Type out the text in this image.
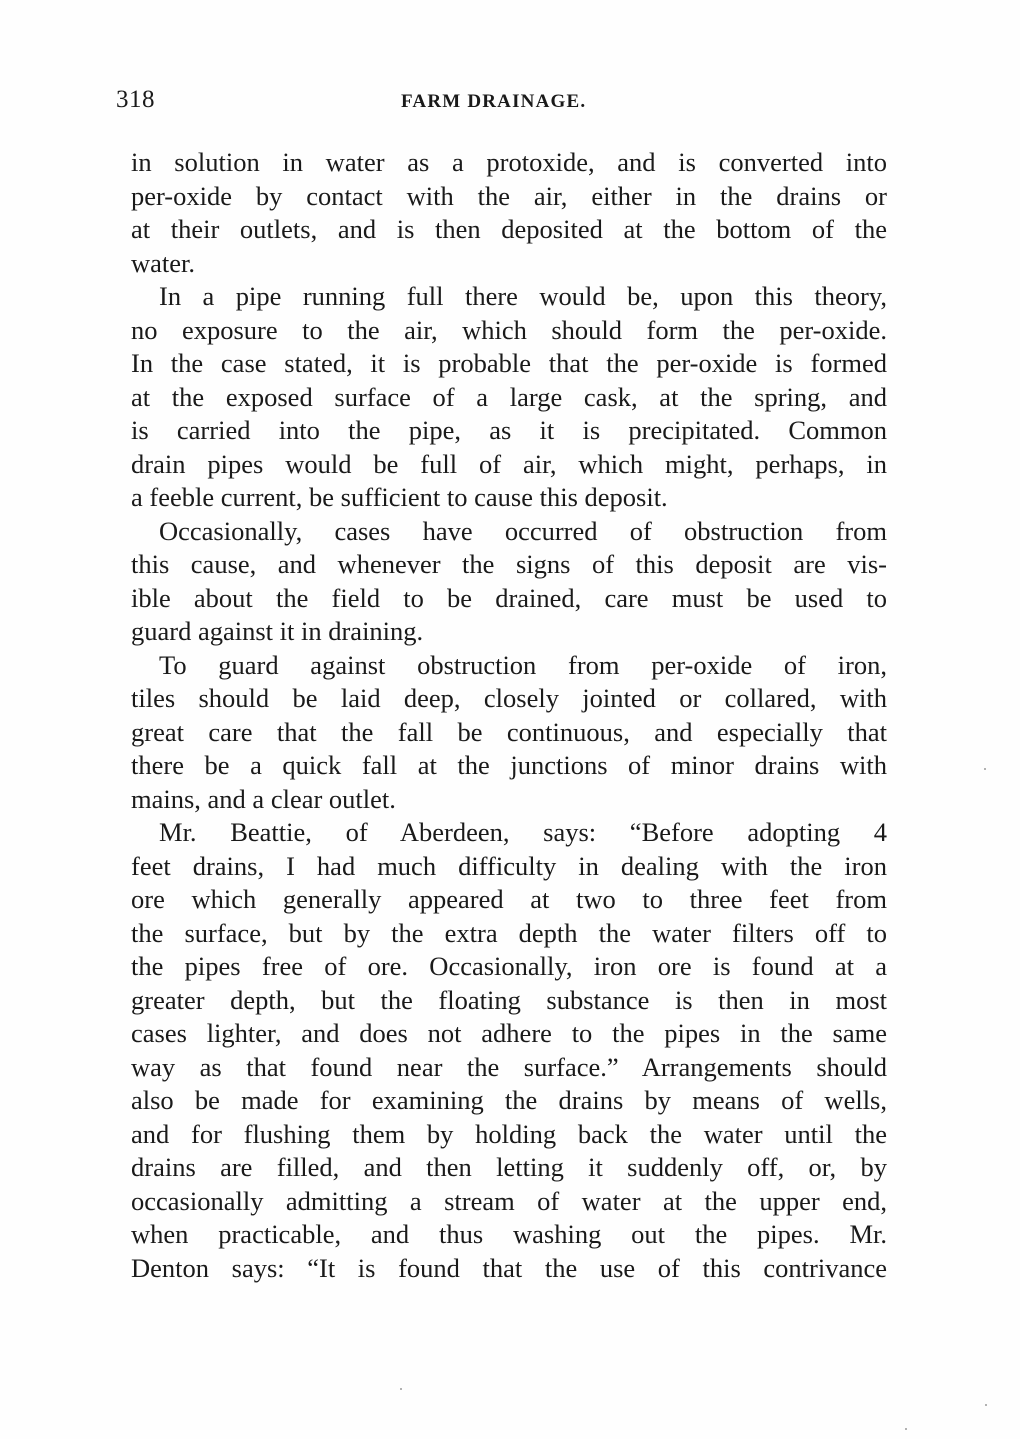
318	FARM DRAINAGE.
in solution in water as a protoxide, and is converted into
per-oxide by contact with the air, either in the drains or
at their outlets, and is then deposited at the bottom of the
water.
In a pipe running full there would be, upon this theory,
no exposure to the air, which should form the per-oxide.
In the case stated, it is probable that the per-oxide is formed
at the exposed surface of a large cask, at the spring, and
is carried into the pipe, as it is precipitated. Common
drain pipes would be full of air, which might, perhaps, in
a feeble current, be sufficient to cause this deposit.
Occasionally, cases have occurred of obstruction from
this cause, and whenever the signs of this deposit are vis-
ible about the field to be drained, care must be used to
guard against it in draining.
To guard against obstruction from per-oxide of iron,
tiles should be laid deep, closely jointed or collared, with
great care that the fall be continuous, and especially that
there be a quick fall at the junctions of minor drains with
mains, and a clear outlet.
Mr. Beattie, of Aberdeen, says: “Before adopting 4
feet drains, I had much difficulty in dealing with the iron
ore which generally appeared at two to three feet from
the surface, but by the extra depth the water filters off to
the pipes free of ore. Occasionally, iron ore is found at a
greater depth, but the floating substance is then in most
cases lighter, and does not adhere to the pipes in the same
way as that found near the surface.” Arrangements should
also be made for examining the drains by means of wells,
and for flushing them by holding back the water until the
drains are filled, and then letting it suddenly off, or, by
occasionally admitting a stream of water at the upper end,
when practicable, and thus washing out the pipes. Mr.
Denton says: “It is found that the use of this contrivance
